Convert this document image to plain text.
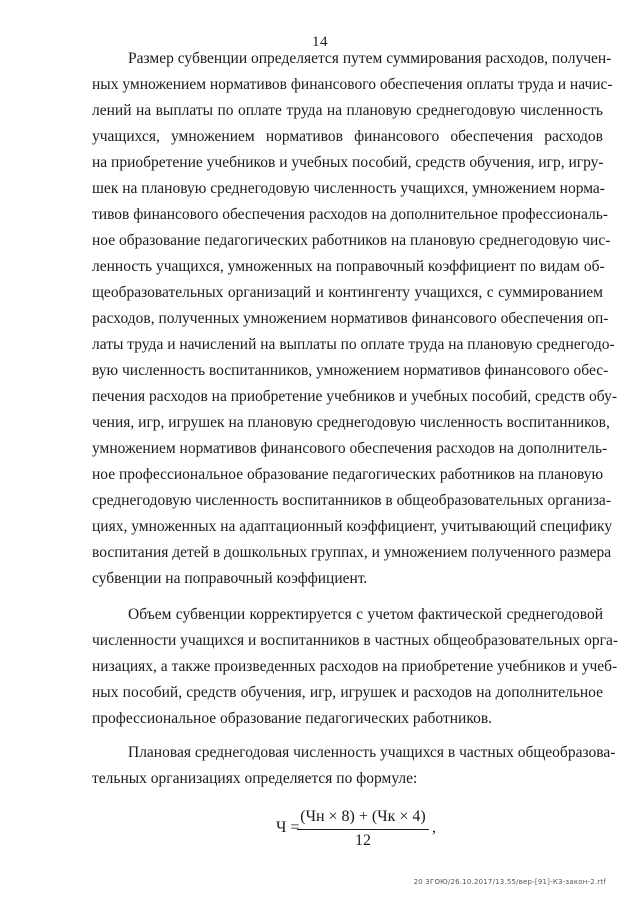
14
Размер субвенции определяется путем суммирования расходов, получен-
ных умножением нормативов финансового обеспечения оплаты труда и начис-
лений на выплаты по оплате труда на плановую среднегодовую численность
учащихся, умножением нормативов финансового обеспечения расходов
на приобретение учебников и учебных пособий, средств обучения, игр, игру-
шек на плановую среднегодовую численность учащихся, умножением норма-
тивов финансового обеспечения расходов на дополнительное профессиональ-
ное образование педагогических работников на плановую среднегодовую чис-
ленность учащихся, умноженных на поправочный коэффициент по видам об-
щеобразовательных организаций и контингенту учащихся, с суммированием
расходов, полученных умножением нормативов финансового обеспечения оп-
латы труда и начислений на выплаты по оплате труда на плановую среднегодо-
вую численность воспитанников, умножением нормативов финансового обес-
печения расходов на приобретение учебников и учебных пособий, средств обу-
чения, игр, игрушек на плановую среднегодовую численность воспитанников,
умножением нормативов финансового обеспечения расходов на дополнитель-
ное профессиональное образование педагогических работников на плановую
среднегодовую численность воспитанников в общеобразовательных организа-
циях, умноженных на адаптационный коэффициент, учитывающий специфику
воспитания детей в дошкольных группах, и умножением полученного размера
субвенции на поправочный коэффициент.
Объем субвенции корректируется с учетом фактической среднегодовой
численности учащихся и воспитанников в частных общеобразовательных орга-
низациях, а также произведенных расходов на приобретение учебников и учеб-
ных пособий, средств обучения, игр, игрушек и расходов на дополнительное
профессиональное образование педагогических работников.
Плановая среднегодовая численность учащихся в частных общеобразова-
тельных организациях определяется по формуле:
Ч =
(Чн × 8) + (Чк × 4)
12
,
20 ЗГОЮ/26.10.2017/13.55/вер-[91]-КЗ-закон-2.rtf
